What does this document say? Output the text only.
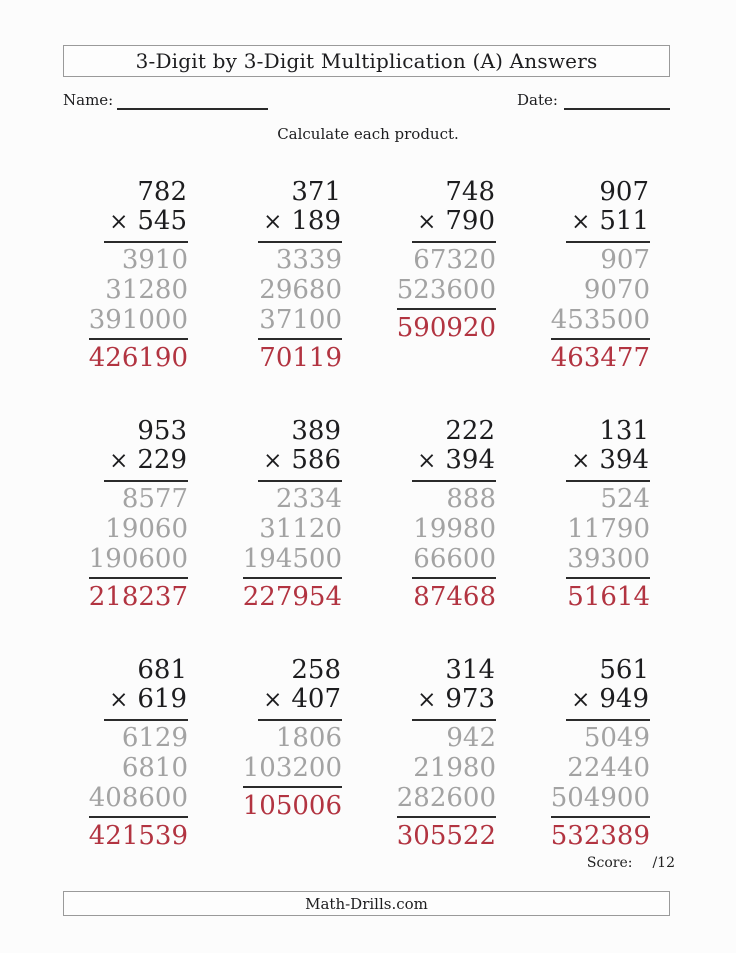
3-Digit by 3-Digit Multiplication (A) Answers
Name:	Date:
Calculate each product.
782
× 545
3910
31280
391000
426190
371
× 189
3339
29680
37100
70119
748
× 790
67320
523600
590920
907
× 511
907
9070
453500
463477
953
× 229
8577
19060
190600
218237
389
× 586
2334
31120
194500
227954
222
× 394
888
19980
66600
87468
131
× 394
524
11790
39300
51614
681
× 619
6129
6810
408600
421539
258
× 407
1806
103200
105006
314
× 973
942
21980
282600
305522
561
× 949
5049
22440
504900
532389
Score: /12
Math-Drills.com
